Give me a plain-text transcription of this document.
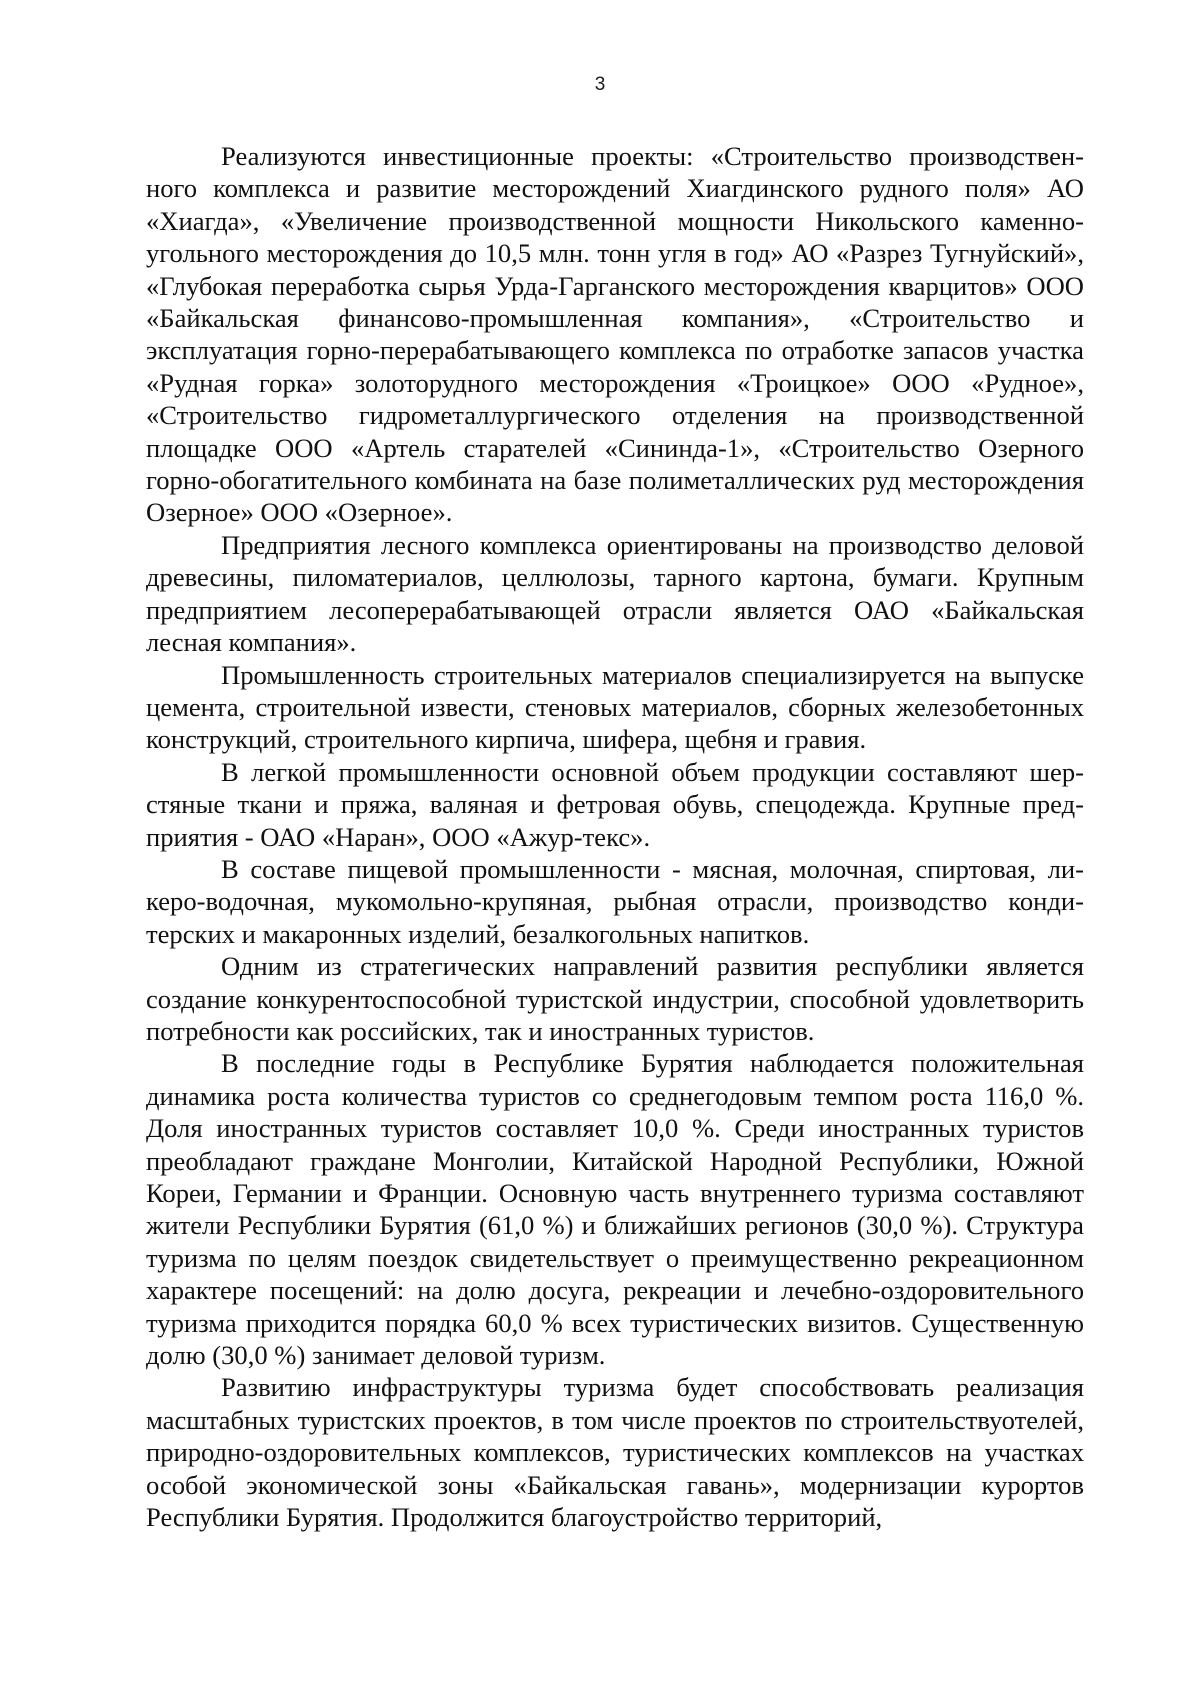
3

Реализуются инвестиционные проекты: «Строительство производственного комплекса и развитие месторождений Хиагдинского рудного поля» АО «Хиагда», «Увеличение производственной мощности Никольского каменноугольного месторождения до 10,5 млн. тонн угля в год» АО «Разрез Тугнуйский», «Глубокая переработка сырья Урда-Гарганского месторождения кварцитов» ООО «Байкальская финансово-промышленная компания», «Строительство и эксплуатация горно-перерабатывающего комплекса по отработке запасов участка «Рудная горка» золоторудного месторождения «Троицкое» ООО «Рудное», «Строительство гидрометаллургического отделения на производственной площадке ООО «Артель старателей «Сининда-1», «Строительство Озерного горно-обогатительного комбината на базе полиметаллических руд месторождения Озерное» ООО «Озерное».

Предприятия лесного комплекса ориентированы на производство деловой древесины, пиломатериалов, целлюлозы, тарного картона, бумаги. Крупным предприятием лесоперерабатывающей отрасли является ОАО «Байкальская лесная компания».

Промышленность строительных материалов специализируется на выпуске цемента, строительной извести, стеновых материалов, сборных железобетонных конструкций, строительного кирпича, шифера, щебня и гравия.

В легкой промышленности основной объем продукции составляют шерстяные ткани и пряжа, валяная и фетровая обувь, спецодежда. Крупные предприятия - ОАО «Наран», ООО «Ажур-текс».

В составе пищевой промышленности - мясная, молочная, спиртовая, ликеро-водочная, мукомольно-крупяная, рыбная отрасли, производство кондитерских и макаронных изделий, безалкогольных напитков.

Одним из стратегических направлений развития республики является создание конкурентоспособной туристской индустрии, способной удовлетворить потребности как российских, так и иностранных туристов.

В последние годы в Республике Бурятия наблюдается положительная динамика роста количества туристов со среднегодовым темпом роста 116,0 %. Доля иностранных туристов составляет 10,0 %. Среди иностранных туристов преобладают граждане Монголии, Китайской Народной Республики, Южной Кореи, Германии и Франции. Основную часть внутреннего туризма составляют жители Республики Бурятия (61,0 %) и ближайших регионов (30,0 %). Структура туризма по целям поездок свидетельствует о преимущественно рекреационном характере посещений: на долю досуга, рекреации и лечебно-оздоровительного туризма приходится порядка 60,0 % всех туристических визитов. Существенную долю (30,0 %) занимает деловой туризм.

Развитию инфраструктуры туризма будет способствовать реализация масштабных туристских проектов, в том числе проектов по строительствуотелей, природно-оздоровительных комплексов, туристических комплексов на участках особой экономической зоны «Байкальская гавань», модернизации курортов Республики Бурятия. Продолжится благоустройство территорий,
